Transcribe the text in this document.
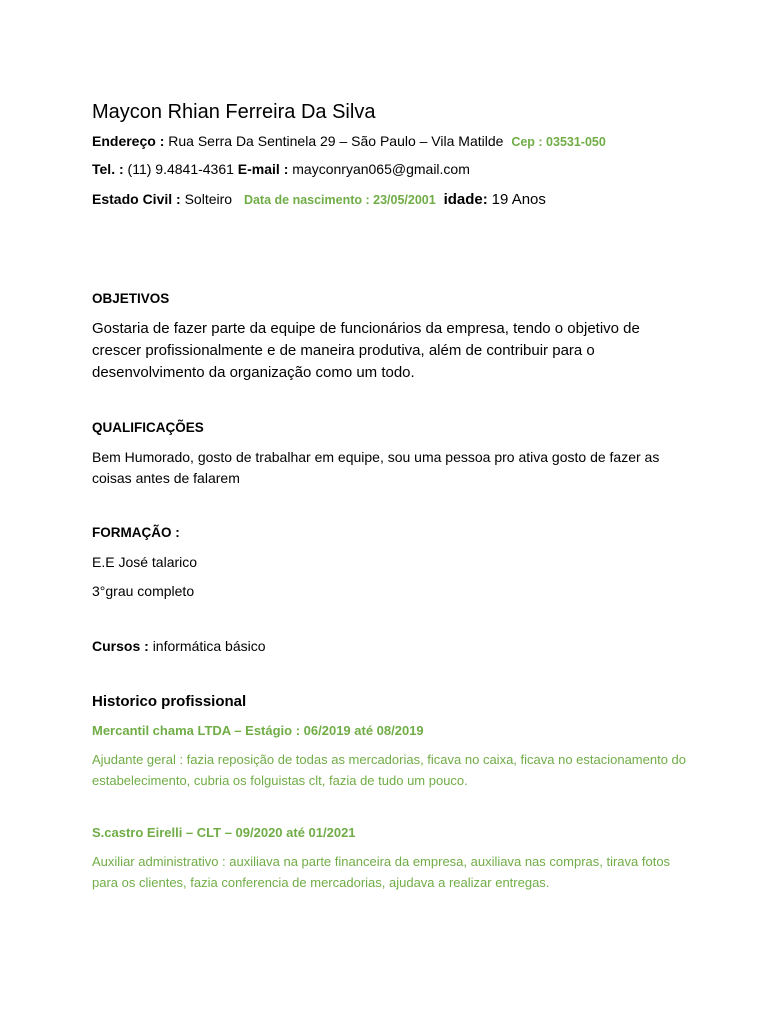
Maycon Rhian Ferreira Da Silva
Endereço : Rua Serra Da Sentinela 29 – São Paulo – Vila Matilde Cep : 03531-050
Tel. : (11) 9.4841-4361 E-mail : mayconryan065@gmail.com
Estado Civil : Solteiro Data de nascimento : 23/05/2001 idade: 19 Anos
OBJETIVOS
Gostaria de fazer parte da equipe de funcionários da empresa, tendo o objetivo de crescer profissionalmente e de maneira produtiva, além de contribuir para o desenvolvimento da organização como um todo.
QUALIFICAÇÕES
Bem Humorado, gosto de trabalhar em equipe, sou uma pessoa pro ativa gosto de fazer as coisas antes de falarem
FORMAÇÃO :
E.E José talarico
3°grau completo
Cursos : informática básico
Historico profissional
Mercantil chama LTDA – Estágio : 06/2019 até 08/2019
Ajudante geral : fazia reposição de todas as mercadorias, ficava no caixa, ficava no estacionamento do estabelecimento, cubria os folguistas clt, fazia de tudo um pouco.
S.castro Eirelli – CLT – 09/2020 até 01/2021
Auxiliar administrativo : auxiliava na parte financeira da empresa, auxiliava nas compras, tirava fotos para os clientes, fazia conferencia de mercadorias, ajudava a realizar entregas.
